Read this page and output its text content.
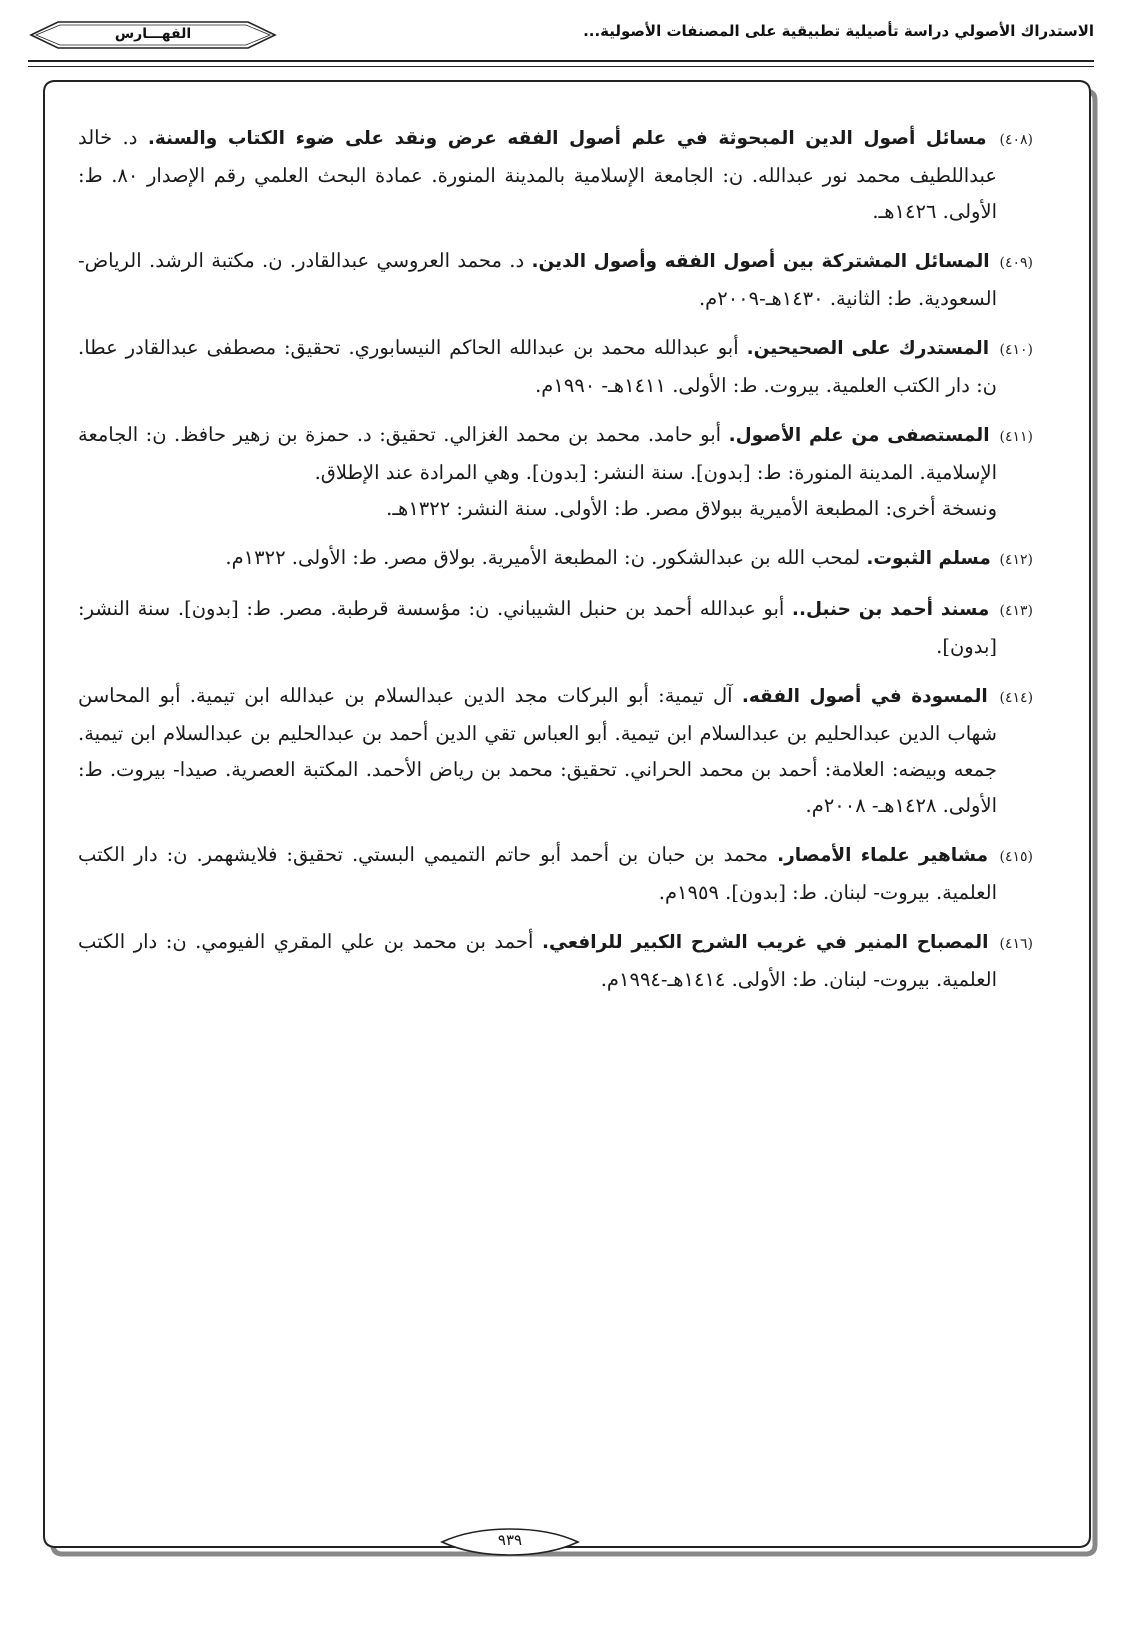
الاستدراك الأصولي دراسة تأصيلية تطبيقية على المصنفات الأصولية...
الفهـــارس
(٤٠٨) مسائل أصول الدين المبحوثة في علم أصول الفقه عرض ونقد على ضوء الكتاب والسنة. د. خالد عبداللطيف محمد نور عبدالله. ن: الجامعة الإسلامية بالمدينة المنورة. عمادة البحث العلمي رقم الإصدار ٨٠. ط: الأولى. ١٤٢٦هـ.
(٤٠٩) المسائل المشتركة بين أصول الفقه وأصول الدين. د. محمد العروسي عبدالقادر. ن. مكتبة الرشد. الرياض- السعودية. ط: الثانية. ١٤٣٠هـ-٢٠٠٩م.
(٤١٠) المستدرك على الصحيحين. أبو عبدالله محمد بن عبدالله الحاكم النيسابوري. تحقيق: مصطفى عبدالقادر عطا. ن: دار الكتب العلمية. بيروت. ط: الأولى. ١٤١١هـ- ١٩٩٠م.
(٤١١) المستصفى من علم الأصول. أبو حامد. محمد بن محمد الغزالي. تحقيق: د. حمزة بن زهير حافظ. ن: الجامعة الإسلامية. المدينة المنورة: ط: [بدون]. سنة النشر: [بدون]. وهي المرادة عند الإطلاق.
ونسخة أخرى: المطبعة الأميرية ببولاق مصر. ط: الأولى. سنة النشر: ١٣٢٢هـ.
(٤١٢) مسلم الثبوت. لمحب الله بن عبدالشكور. ن: المطبعة الأميرية. بولاق مصر. ط: الأولى. ١٣٢٢م.
(٤١٣) مسند أحمد بن حنبل.. أبو عبدالله أحمد بن حنبل الشيباني. ن: مؤسسة قرطبة. مصر. ط: [بدون]. سنة النشر: [بدون].
(٤١٤) المسودة في أصول الفقه. آل تيمية: أبو البركات مجد الدين عبدالسلام بن عبدالله ابن تيمية. أبو المحاسن شهاب الدين عبدالحليم بن عبدالسلام ابن تيمية. أبو العباس تقي الدين أحمد بن عبدالحليم بن عبدالسلام ابن تيمية. جمعه وبيضه: العلامة: أحمد بن محمد الحراني. تحقيق: محمد بن رياض الأحمد. المكتبة العصرية. صيدا- بيروت. ط: الأولى. ١٤٢٨هـ- ٢٠٠٨م.
(٤١٥) مشاهير علماء الأمصار. محمد بن حبان بن أحمد أبو حاتم التميمي البستي. تحقيق: فلايشهمر. ن: دار الكتب العلمية. بيروت- لبنان. ط: [بدون]. ١٩٥٩م.
(٤١٦) المصباح المنير في غريب الشرح الكبير للرافعي. أحمد بن محمد بن علي المقري الفيومي. ن: دار الكتب العلمية. بيروت- لبنان. ط: الأولى. ١٤١٤هـ-١٩٩٤م.
٩٣٩
